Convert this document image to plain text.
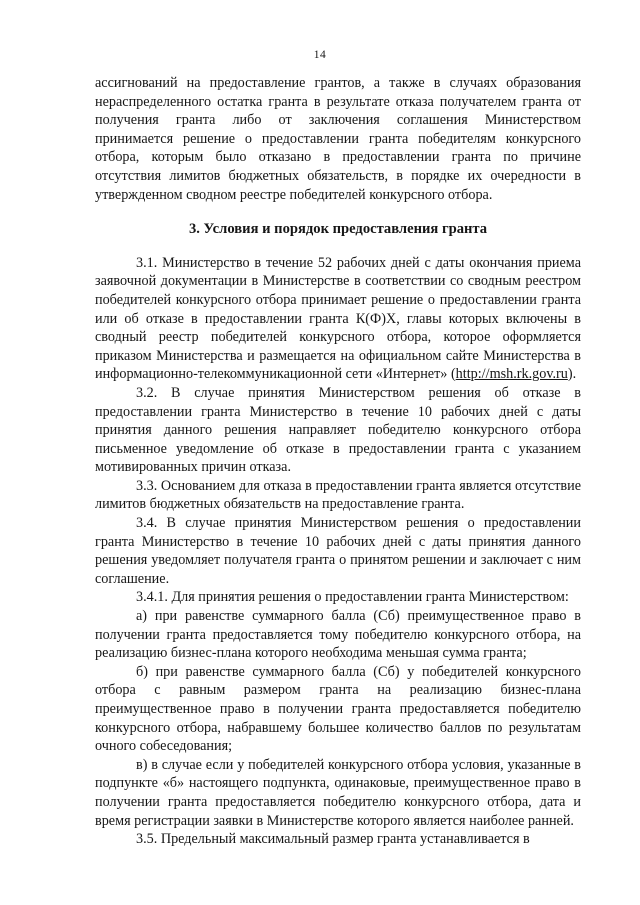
14

ассигнований на предоставление грантов, а также в случаях образования нераспределенного остатка гранта в результате отказа получателем гранта от получения гранта либо от заключения соглашения Министерством принимается решение о предоставлении гранта победителям конкурсного отбора, которым было отказано в предоставлении гранта по причине отсутствия лимитов бюджетных обязательств, в порядке их очередности в утвержденном сводном реестре победителей конкурсного отбора.

3. Условия и порядок предоставления гранта

3.1. Министерство в течение 52 рабочих дней с даты окончания приема заявочной документации в Министерстве в соответствии со сводным реестром победителей конкурсного отбора принимает решение о предоставлении гранта или об отказе в предоставлении гранта К(Ф)Х, главы которых включены в сводный реестр победителей конкурсного отбора, которое оформляется приказом Министерства и размещается на официальном сайте Министерства в информационно-телекоммуникационной сети «Интернет» (http://msh.rk.gov.ru).

3.2. В случае принятия Министерством решения об отказе в предоставлении гранта Министерство в течение 10 рабочих дней с даты принятия данного решения направляет победителю конкурсного отбора письменное уведомление об отказе в предоставлении гранта с указанием мотивированных причин отказа.

3.3. Основанием для отказа в предоставлении гранта является отсутствие лимитов бюджетных обязательств на предоставление гранта.

3.4. В случае принятия Министерством решения о предоставлении гранта Министерство в течение 10 рабочих дней с даты принятия данного решения уведомляет получателя гранта о принятом решении и заключает с ним соглашение.

3.4.1. Для принятия решения о предоставлении гранта Министерством:

а) при равенстве суммарного балла (Сб) преимущественное право в получении гранта предоставляется тому победителю конкурсного отбора, на реализацию бизнес-плана которого необходима меньшая сумма гранта;

б) при равенстве суммарного балла (Сб) у победителей конкурсного отбора с равным размером гранта на реализацию бизнес-плана преимущественное право в получении гранта предоставляется победителю конкурсного отбора, набравшему большее количество баллов по результатам очного собеседования;

в) в случае если у победителей конкурсного отбора условия, указанные в подпункте «б» настоящего подпункта, одинаковые, преимущественное право в получении гранта предоставляется победителю конкурсного отбора, дата и время регистрации заявки в Министерстве которого является наиболее ранней.

3.5. Предельный максимальный размер гранта устанавливается в
